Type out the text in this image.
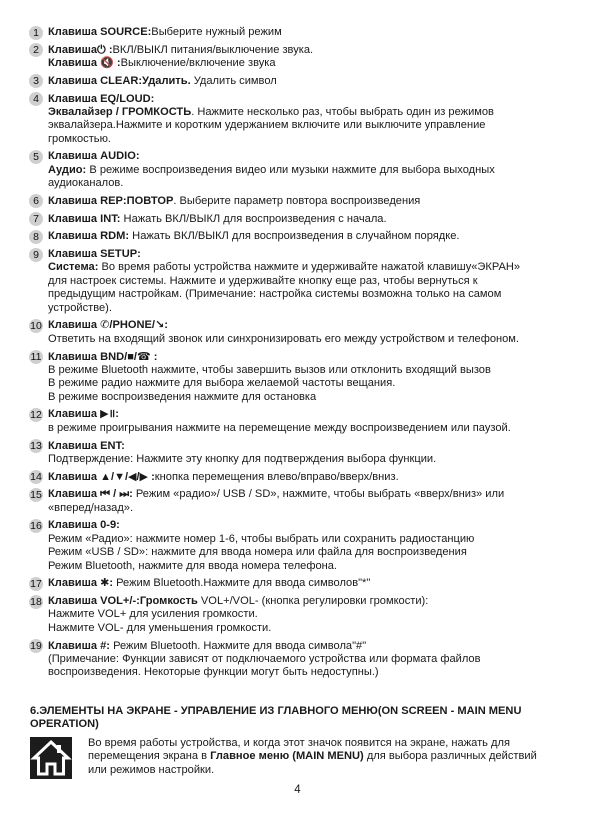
1 Клавиша SOURCE:Выберите нужный режим
2 Клавиша⏻ :ВКЛ/ВЫКЛ питания/выключение звука.
Клавиша 🔇 :Выключение/включение звука
3 Клавиша CLEAR:Удалить. Удалить символ
4 Клавиша EQ/LOUD:
Эквалайзер / ГРОМКОСТЬ. Нажмите несколько раз, чтобы выбрать один из режимов
эквалайзера.Нажмите и коротким удержанием включите или выключите управление
громкостью.
5 Клавиша AUDIO:
Аудио: В режиме воспроизведения видео или музыки нажмите для выбора выходных
аудиоканалов.
6 Клавиша REP:ПОВТОР. Выберите параметр повтора воспроизведения
7 Клавиша INT: Нажать ВКЛ/ВЫКЛ для воспроизведения с начала.
8 Клавиша RDM: Нажать ВКЛ/ВЫКЛ для воспроизведения в случайном порядке.
9 Клавиша SETUP:
Система: Во время работы устройства нажмите и удерживайте нажатой клавишу«ЭКРАН»
для настроек системы. Нажмите и удерживайте кнопку еще раз, чтобы вернуться к
предыдущим настройкам. (Примечание: настройка системы возможна только на самом
устройстве).
10 Клавиша ✆/PHONE/↘:
Ответить на входящий звонок или синхронизировать его между устройством и телефоном.
11 Клавиша BND/■/☎ :
В режиме Bluetooth нажмите, чтобы завершить вызов или отклонить входящий вызов
В режиме радио нажмите для выбора желаемой частоты вещания.
В режиме воспроизведения нажмите для остановка
12 Клавиша ▶॥:
в режиме проигрывания нажмите на перемещение между воспроизведением или паузой.
13 Клавиша ENT:
Подтверждение: Нажмите эту кнопку для подтверждения выбора функции.
14 Клавиша ▲/▼/◀/▶ :кнопка перемещения влево/вправо/вверх/вниз.
15 Клавиша ⏮ / ⏭: Режим «радио»/ USB / SD», нажмите, чтобы выбрать «вверх/вниз» или
«вперед/назад».
16 Клавиша 0-9:
Режим «Радио»: нажмите номер 1-6, чтобы выбрать или сохранить радиостанцию
Режим «USB / SD»: нажмите для ввода номера или файла для воспроизведения
Режим Bluetooth, нажмите для ввода номера телефона.
17 Клавиша ✱: Режим Bluetooth.Нажмите для ввода символов"*"
18 Клавиша VOL+/-:Громкость VOL+/VOL- (кнопка регулировки громкости):
Нажмите VOL+ для усиления громкости.
Нажмите VOL- для уменьшения громкости.
19 Клавиша #: Режим Bluetooth. Нажмите для ввода символа"#"
(Примечание: Функции зависят от подключаемого устройства или формата файлов
воспроизведения. Некоторые функции могут быть недоступны.)
6.ЭЛЕМЕНТЫ НА ЭКРАНЕ - УПРАВЛЕНИЕ ИЗ ГЛАВНОГО МЕНЮ(ON SCREEN - MAIN MENU
OPERATION)
Во время работы устройства, и когда этот значок появится на экране, нажать для
перемещения экрана в Главное меню (MAIN MENU) для выбора различных действий
или режимов настройки.
4
